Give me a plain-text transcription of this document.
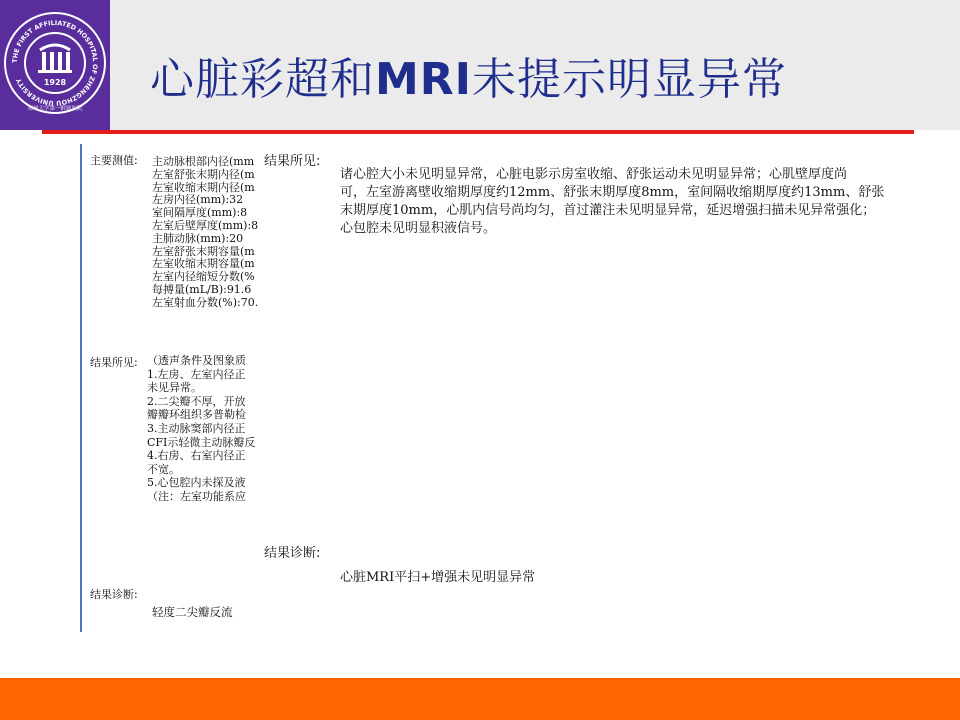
THE FIRST AFFILIATED HOSPITAL OF ZHENGZHOU UNIVERSITY	1928
郑州大学第一附属医院
心脏彩超和MRI未提示明显异常
主要测值: 主动脉根部内径(mm
左室舒张末期内径(m
左室收缩末期内径(m
左房内径(mm):32
室间隔厚度(mm):8
左室后壁厚度(mm):8
主肺动脉(mm):20
左室舒张末期容量(m
左室收缩末期容量(m
左室内径缩短分数(%
每搏量(mL/B):91.6
左室射血分数(%):70.
结果所见: （透声条件及图象质
1.左房、左室内径正
未见异常。
2.二尖瓣不厚，开放
瓣瓣环组织多普勒检
3.主动脉窦部内径正
CFI示轻微主动脉瓣反
4.右房、右室内径正
不宽。
5.心包腔内未探及液
（注：左室功能系应
结果诊断:
轻度二尖瓣反流
结果所见:
诸心腔大小未见明显异常，心脏电影示房室收缩、舒张运动未见明显异常；心肌壁厚度尚
可，左室游离壁收缩期厚度约12mm、舒张末期厚度8mm，室间隔收缩期厚度约13mm、舒张
末期厚度10mm，心肌内信号尚均匀，首过灌注未见明显异常，延迟增强扫描未见异常强化；
心包腔未见明显积液信号。
结果诊断:
心脏MRI平扫+增强未见明显异常
